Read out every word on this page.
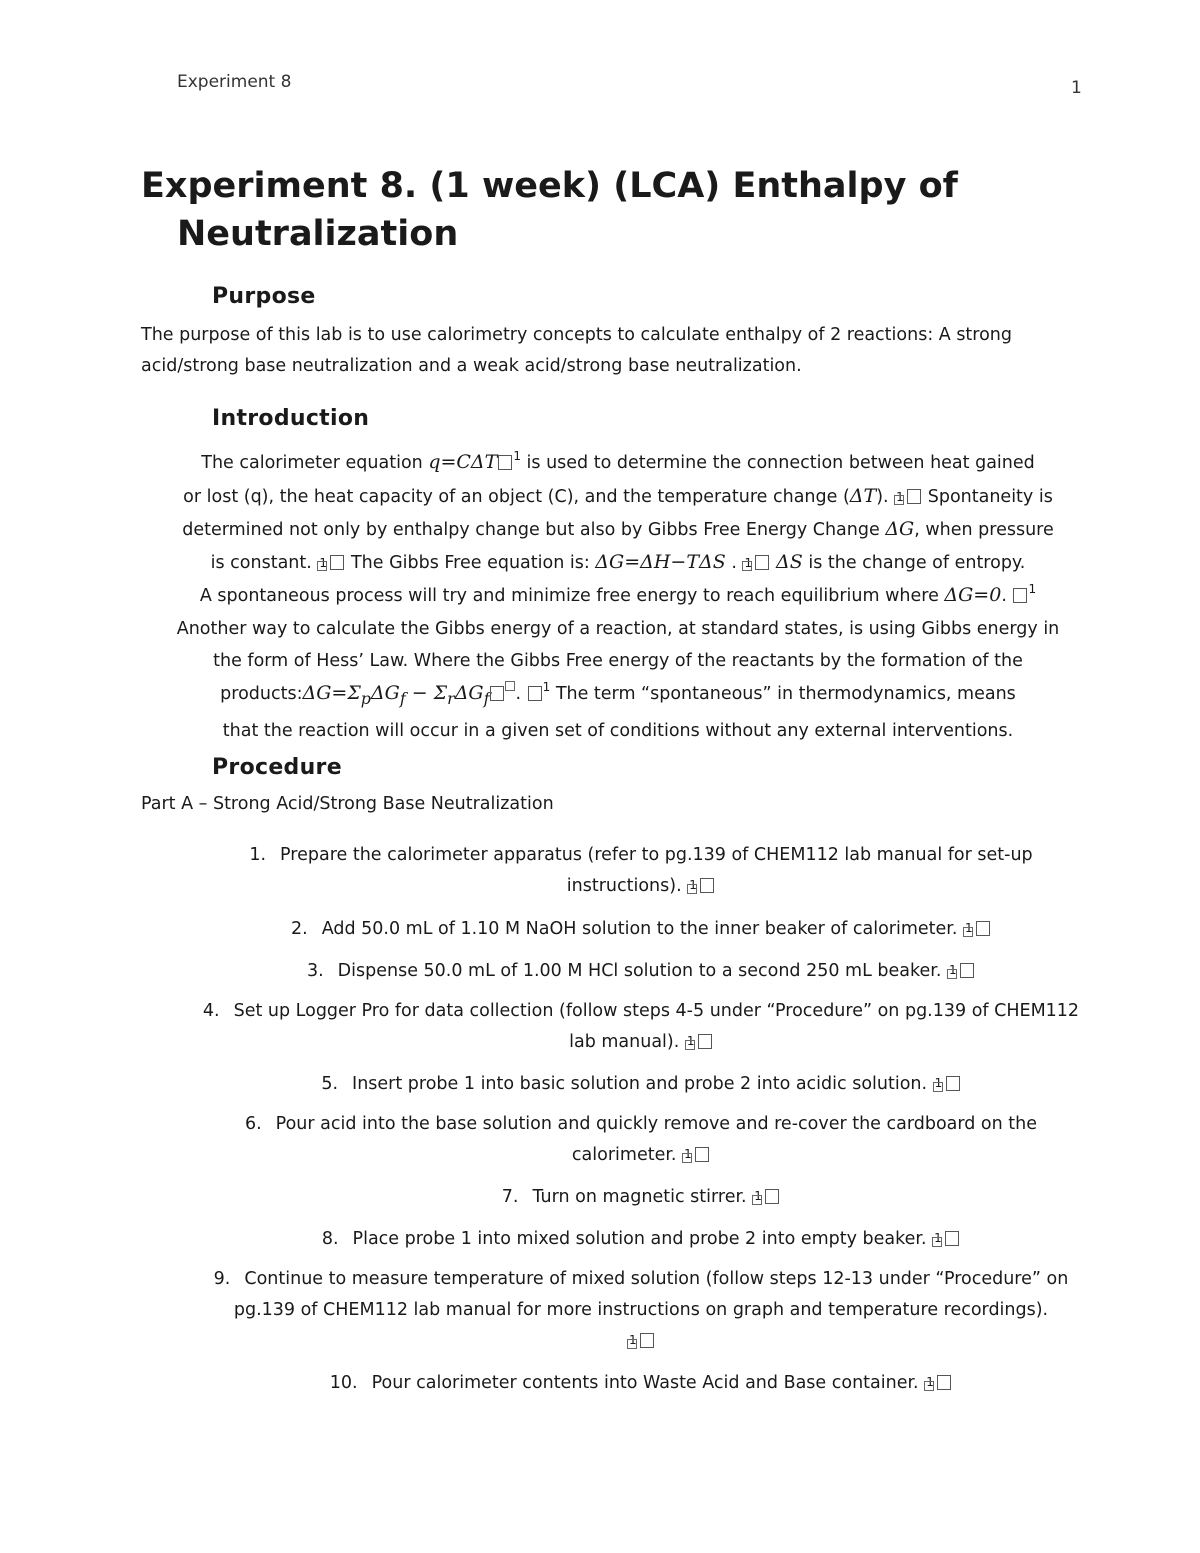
Experiment 8	1
Experiment 8. (1 week) (LCA) Enthalpy of
Neutralization
Purpose

The purpose of this lab is to use calorimetry concepts to calculate enthalpy of 2 reactions: A strong
acid/strong base neutralization and a weak acid/strong base neutralization.

Introduction

The calorimeter equation q=CΔT $^1$ is used to determine the connection between heat gained
or lost (q), the heat capacity of an object (C), and the temperature change (ΔT). 1 Spontaneity is
determined not only by enthalpy change but also by Gibbs Free Energy Change ΔG, when pressure
is constant. 1 The Gibbs Free equation is: ΔG=ΔH−TΔS . 1 ΔS is the change of entropy.
A spontaneous process will try and minimize free energy to reach equilibrium where ΔG=0. $^1$
Another way to calculate the Gibbs energy of a reaction, at standard states, is using Gibbs energy in
the form of Hess’ Law. Where the Gibbs Free energy of the reactants by the formation of the
$products:\Delta G=\Sigma_p\Delta G_f - \Sigma_r\Delta G_f$ . $^1$ The term “spontaneous” in thermodynamics, means
that the reaction will occur in a given set of conditions without any external interventions.

Procedure

Part A – Strong Acid/Strong Base Neutralization

1. Prepare the calorimeter apparatus (refer to pg.139 of CHEM112 lab manual for set-up
instructions). 1
2. Add 50.0 mL of 1.10 M NaOH solution to the inner beaker of calorimeter. 1
3. Dispense 50.0 mL of 1.00 M HCl solution to a second 250 mL beaker. 1
4. Set up Logger Pro for data collection (follow steps 4-5 under “Procedure” on pg.139 of CHEM112
lab manual). 1
5. Insert probe 1 into basic solution and probe 2 into acidic solution. 1
6. Pour acid into the base solution and quickly remove and re-cover the cardboard on the
calorimeter. 1
7. Turn on magnetic stirrer. 1
8. Place probe 1 into mixed solution and probe 2 into empty beaker. 1
9. Continue to measure temperature of mixed solution (follow steps 12-13 under “Procedure” on
pg.139 of CHEM112 lab manual for more instructions on graph and temperature recordings).

1
10. Pour calorimeter contents into Waste Acid and Base container. 1
